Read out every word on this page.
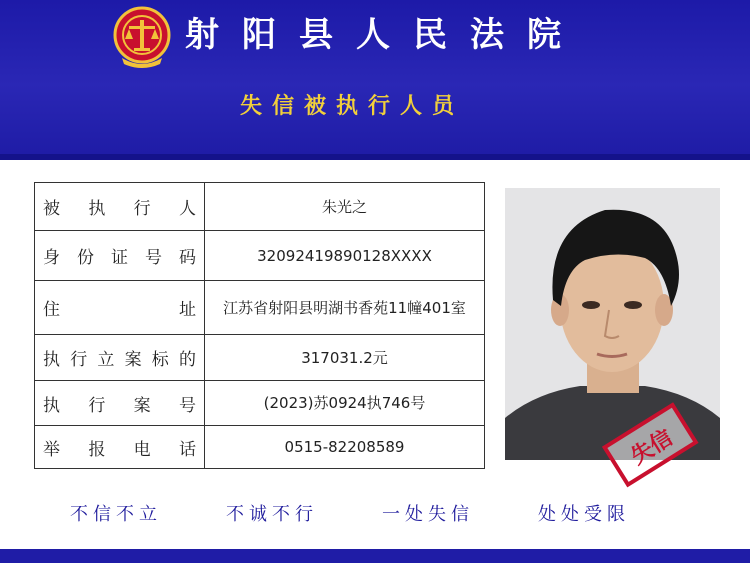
射阳县人民法院
失信被执行人员
被执行人	朱光之

身份证号码	32092419890128XXXX

住址	江苏省射阳县明湖书香苑11幢401室

执行立案标的	317031.2元

执行案号	(2023)苏0924执746号

举报电话	0515-82208589	失信
不信不立	不诚不行	一处失信	处处受限
